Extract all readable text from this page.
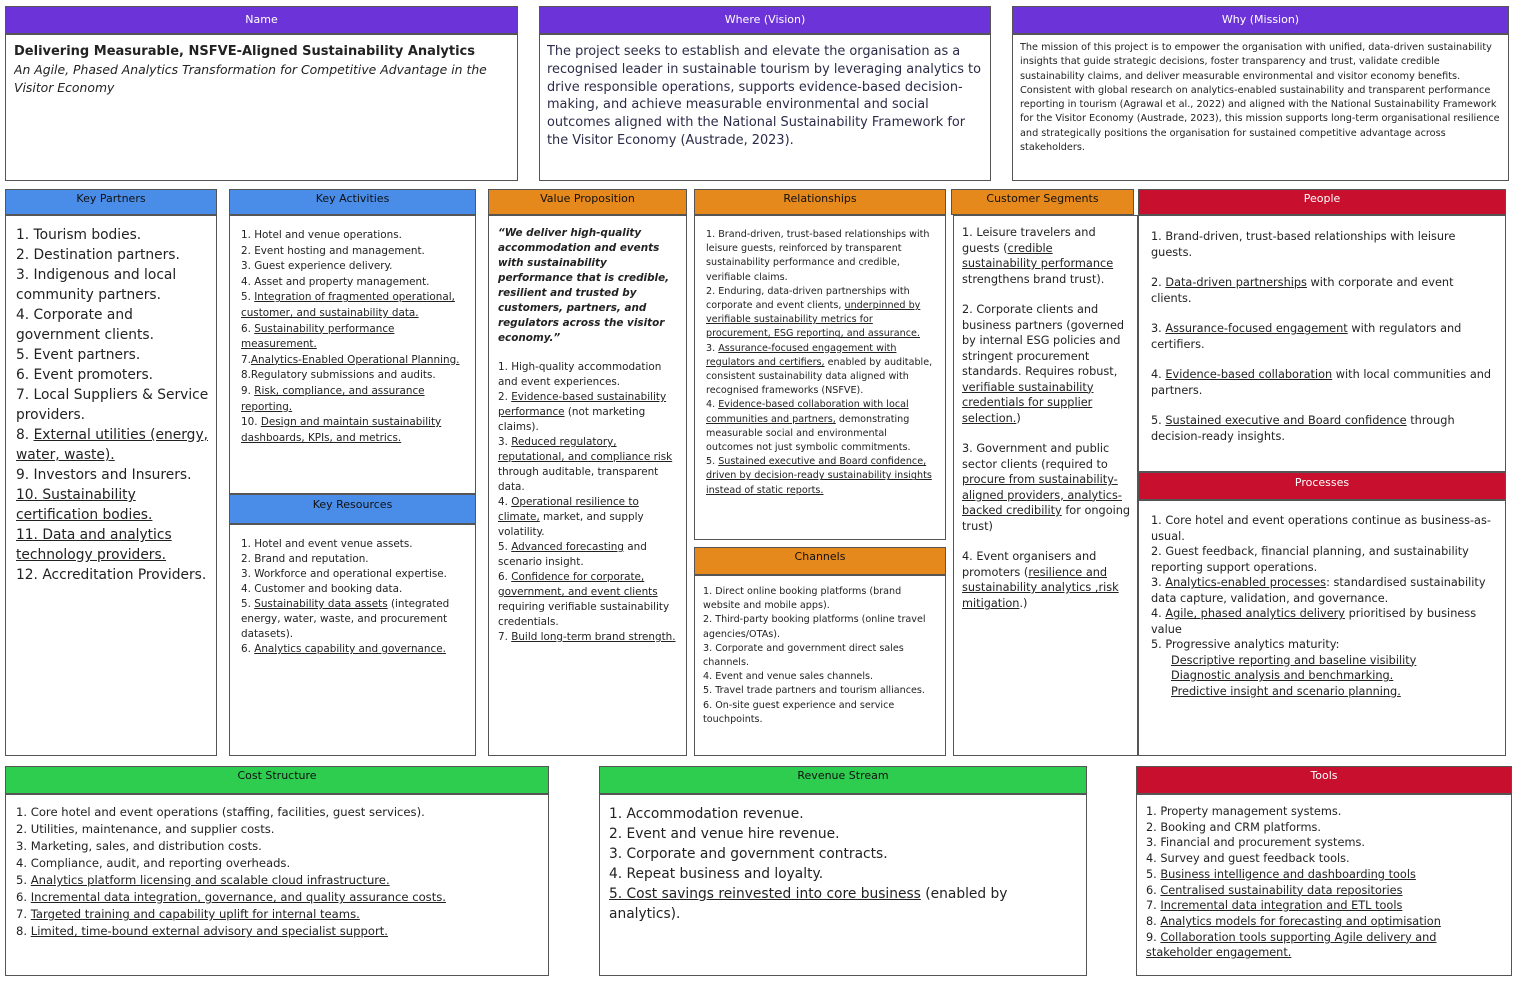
Name

Delivering Measurable, NSFVE-Aligned Sustainability Analytics

An Agile, Phased Analytics Transformation for Competitive Advantage in the Visitor Economy

Where (Vision)

The project seeks to establish and elevate the organisation as a recognised leader in sustainable tourism by leveraging analytics to drive responsible operations, supports evidence-based decision-making, and achieve measurable environmental and social outcomes aligned with the National Sustainability Framework for the Visitor Economy (Austrade, 2023).

Why (Mission)

The mission of this project is to empower the organisation with unified, data-driven sustainability insights that guide strategic decisions, foster transparency and trust, validate credible sustainability claims, and deliver measurable environmental and visitor economy benefits.

Consistent with global research on analytics-enabled sustainability and transparent performance reporting in tourism (Agrawal et al., 2022) and aligned with the National Sustainability Framework for the Visitor Economy (Austrade, 2023), this mission supports long-term organisational resilience and strategically positions the organisation for sustained competitive advantage across stakeholders.

Key Partners
1. Tourism bodies.
2. Destination partners.
3. Indigenous and local community partners.
4. Corporate and government clients.
5. Event partners.
6. Event promoters.
7. Local Suppliers & Service providers.
8. External utilities (energy, water, waste).
9. Investors and Insurers.
10. Sustainability certification bodies.
11. Data and analytics technology providers.
12. Accreditation Providers.
Key Activities
1. Hotel and venue operations.
2. Event hosting and management.
3. Guest experience delivery.
4. Asset and property management.
5. Integration of fragmented operational, customer, and sustainability data.
6. Sustainability performance measurement.
7.Analytics-Enabled Operational Planning.
8.Regulatory submissions and audits.
9. Risk, compliance, and assurance reporting.
10. Design and maintain sustainability dashboards, KPIs, and metrics.
Key Resources
1. Hotel and event venue assets.
2. Brand and reputation.
3. Workforce and operational expertise.
4. Customer and booking data.
5. Sustainability data assets (integrated energy, water, waste, and procurement datasets).
6. Analytics capability and governance.
Value Proposition

“We deliver high-quality accommodation and events with sustainability performance that is credible, resilient and trusted by customers, partners, and regulators across the visitor economy.”

1. High-quality accommodation and event experiences.
2. Evidence-based sustainability performance (not marketing claims).
3. Reduced regulatory, reputational, and compliance risk through auditable, transparent data.
4. Operational resilience to climate, market, and supply volatility.
5. Advanced forecasting and scenario insight.
6. Confidence for corporate, government, and event clients requiring verifiable sustainability credentials.
7. Build long-term brand strength.
Relationships
1. Brand-driven, trust-based relationships with leisure guests, reinforced by transparent sustainability performance and credible, verifiable claims.
2. Enduring, data-driven partnerships with corporate and event clients, underpinned by verifiable sustainability metrics for procurement, ESG reporting, and assurance.
3. Assurance-focused engagement with regulators and certifiers, enabled by auditable, consistent sustainability data aligned with recognised frameworks (NSFVE).
4. Evidence-based collaboration with local communities and partners, demonstrating measurable social and environmental outcomes not just symbolic commitments.
5. Sustained executive and Board confidence, driven by decision-ready sustainability insights instead of static reports.
Channels
1. Direct online booking platforms (brand website and mobile apps).
2. Third-party booking platforms (online travel agencies/OTAs).
3. Corporate and government direct sales channels.
4. Event and venue sales channels.
5. Travel trade partners and tourism alliances.
6. On-site guest experience and service touchpoints.
Customer Segments
1. Leisure travelers and guests (credible sustainability performance strengthens brand trust).
2. Corporate clients and business partners (governed by internal ESG policies and stringent procurement standards. Requires robust, verifiable sustainability credentials for supplier selection.)
3. Government and public sector clients (required to procure from sustainability-aligned providers, analytics-backed credibility for ongoing trust)
4. Event organisers and promoters (resilience and sustainability analytics ,risk mitigation.)
People
1. Brand-driven, trust-based relationships with leisure guests.
2. Data-driven partnerships with corporate and event clients.
3. Assurance-focused engagement with regulators and certifiers.
4. Evidence-based collaboration with local communities and partners.
5. Sustained executive and Board confidence through decision-ready insights.
Processes
1. Core hotel and event operations continue as business-as-usual.
2. Guest feedback, financial planning, and sustainability reporting support operations.
3. Analytics-enabled processes: standardised sustainability data capture, validation, and governance.
4. Agile, phased analytics delivery prioritised by business value
5. Progressive analytics maturity:
Descriptive reporting and baseline visibility
Diagnostic analysis and benchmarking.
Predictive insight and scenario planning.
Cost Structure
1. Core hotel and event operations (staffing, facilities, guest services).
2. Utilities, maintenance, and supplier costs.
3. Marketing, sales, and distribution costs.
4. Compliance, audit, and reporting overheads.
5. Analytics platform licensing and scalable cloud infrastructure.
6. Incremental data integration, governance, and quality assurance costs.
7. Targeted training and capability uplift for internal teams.
8. Limited, time-bound external advisory and specialist support.
Revenue Stream
1. Accommodation revenue.
2. Event and venue hire revenue.
3. Corporate and government contracts.
4. Repeat business and loyalty.
5. Cost savings reinvested into core business (enabled by analytics).
Tools
1. Property management systems.
2. Booking and CRM platforms.
3. Financial and procurement systems.
4. Survey and guest feedback tools.
5. Business intelligence and dashboarding tools
6. Centralised sustainability data repositories
7. Incremental data integration and ETL tools
8. Analytics models for forecasting and optimisation
9. Collaboration tools supporting Agile delivery and stakeholder engagement.
